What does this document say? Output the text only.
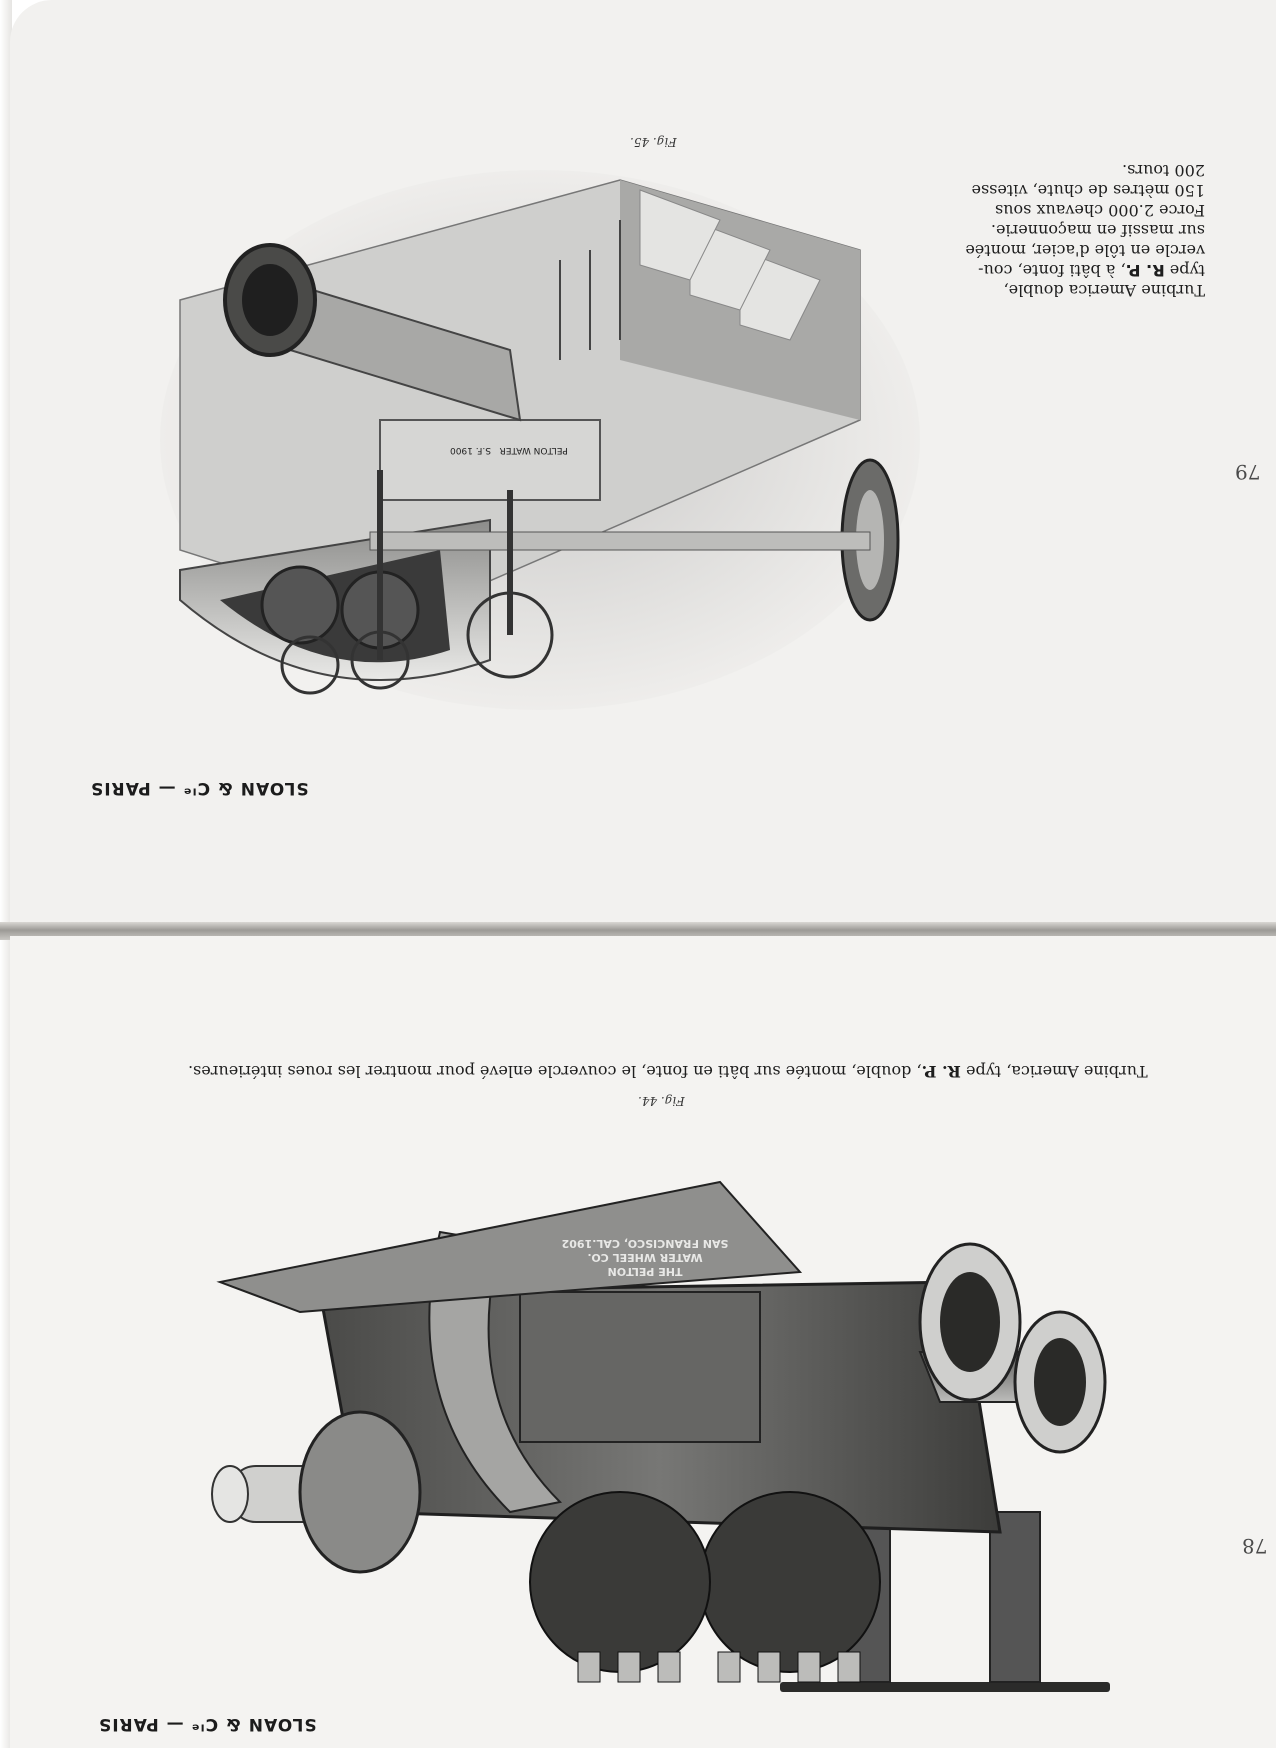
PELTON WATER   S.F. 1900
Fig. 45.
Turbine America double,
type R. P., à bâti fonte, cou-
vercle en tôle d'acier, montée
sur massif en maçonnerie.
Force 2.000 chevaux sous
150 mètres de chute, vitesse
200 tours.
79
SLOAN & Cᴵᵉ — PARIS
Turbine America, type R. P., double, montée sur bâti en fonte, le couvercle enlevé pour montrer les roues intérieures.
Fig. 44.
THE PELTON
WATER WHEEL CO.
SAN FRANCISCO, CAL.1902
78
SLOAN & Cᴵᵉ — PARIS
